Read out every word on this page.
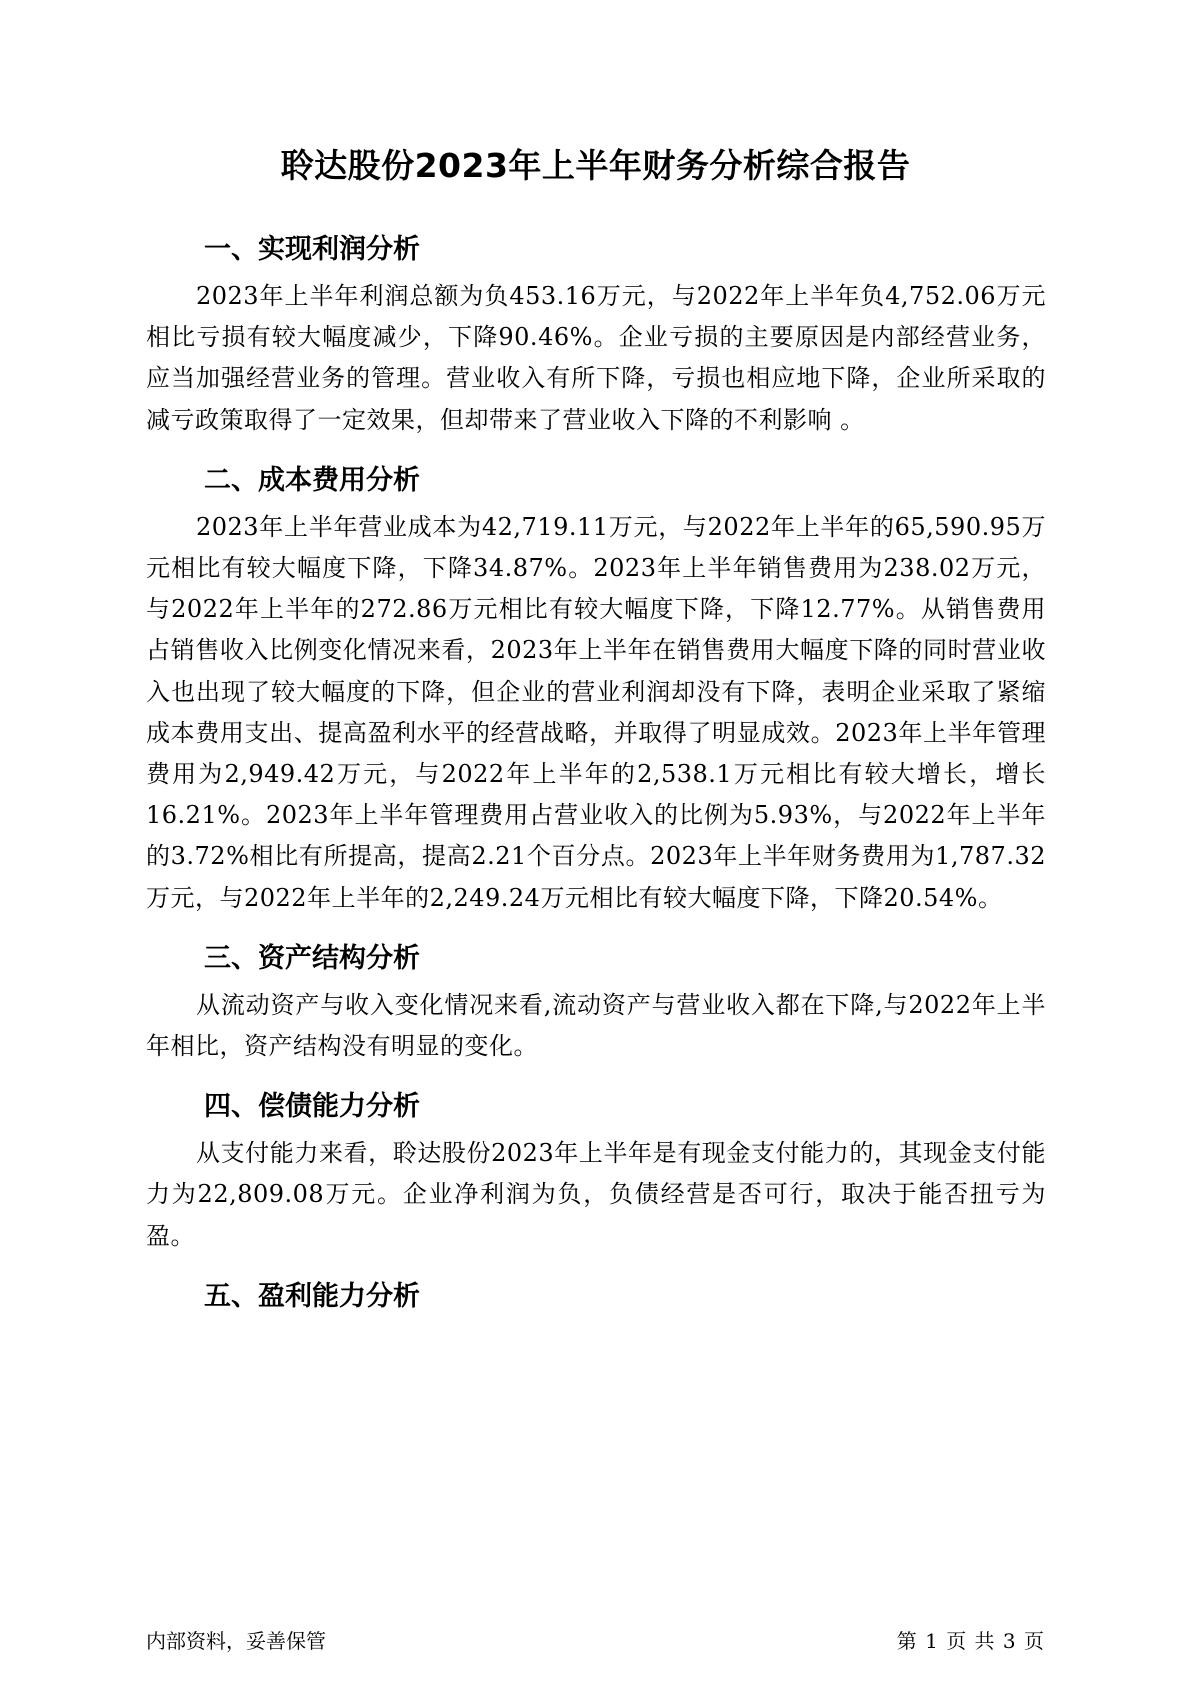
聆达股份2023年上半年财务分析综合报告
一、实现利润分析

2023年上半年利润总额为负453.16万元，与2022年上半年负4,752.06万元相比亏损有较大幅度减少，下降90.46%。企业亏损的主要原因是内部经营业务，应当加强经营业务的管理。营业收入有所下降，亏损也相应地下降，企业所采取的减亏政策取得了一定效果，但却带来了营业收入下降的不利影响 。

二、成本费用分析

2023年上半年营业成本为42,719.11万元，与2022年上半年的65,590.95万元相比有较大幅度下降，下降34.87%。2023年上半年销售费用为238.02万元，与2022年上半年的272.86万元相比有较大幅度下降，下降12.77%。从销售费用占销售收入比例变化情况来看，2023年上半年在销售费用大幅度下降的同时营业收入也出现了较大幅度的下降，但企业的营业利润却没有下降，表明企业采取了紧缩成本费用支出、提高盈利水平的经营战略，并取得了明显成效。2023年上半年管理费用为2,949.42万元，与2022年上半年的2,538.1万元相比有较大增长，增长16.21%。2023年上半年管理费用占营业收入的比例为5.93%，与2022年上半年的3.72%相比有所提高，提高2.21个百分点。2023年上半年财务费用为1,787.32万元，与2022年上半年的2,249.24万元相比有较大幅度下降，下降20.54%。

三、资产结构分析

从流动资产与收入变化情况来看,流动资产与营业收入都在下降,与2022年上半年相比，资产结构没有明显的变化。

四、偿债能力分析

从支付能力来看，聆达股份2023年上半年是有现金支付能力的，其现金支付能力为22,809.08万元。企业净利润为负，负债经营是否可行，取决于能否扭亏为盈。

五、盈利能力分析
内部资料，妥善保管	第 1 页 共 3 页
